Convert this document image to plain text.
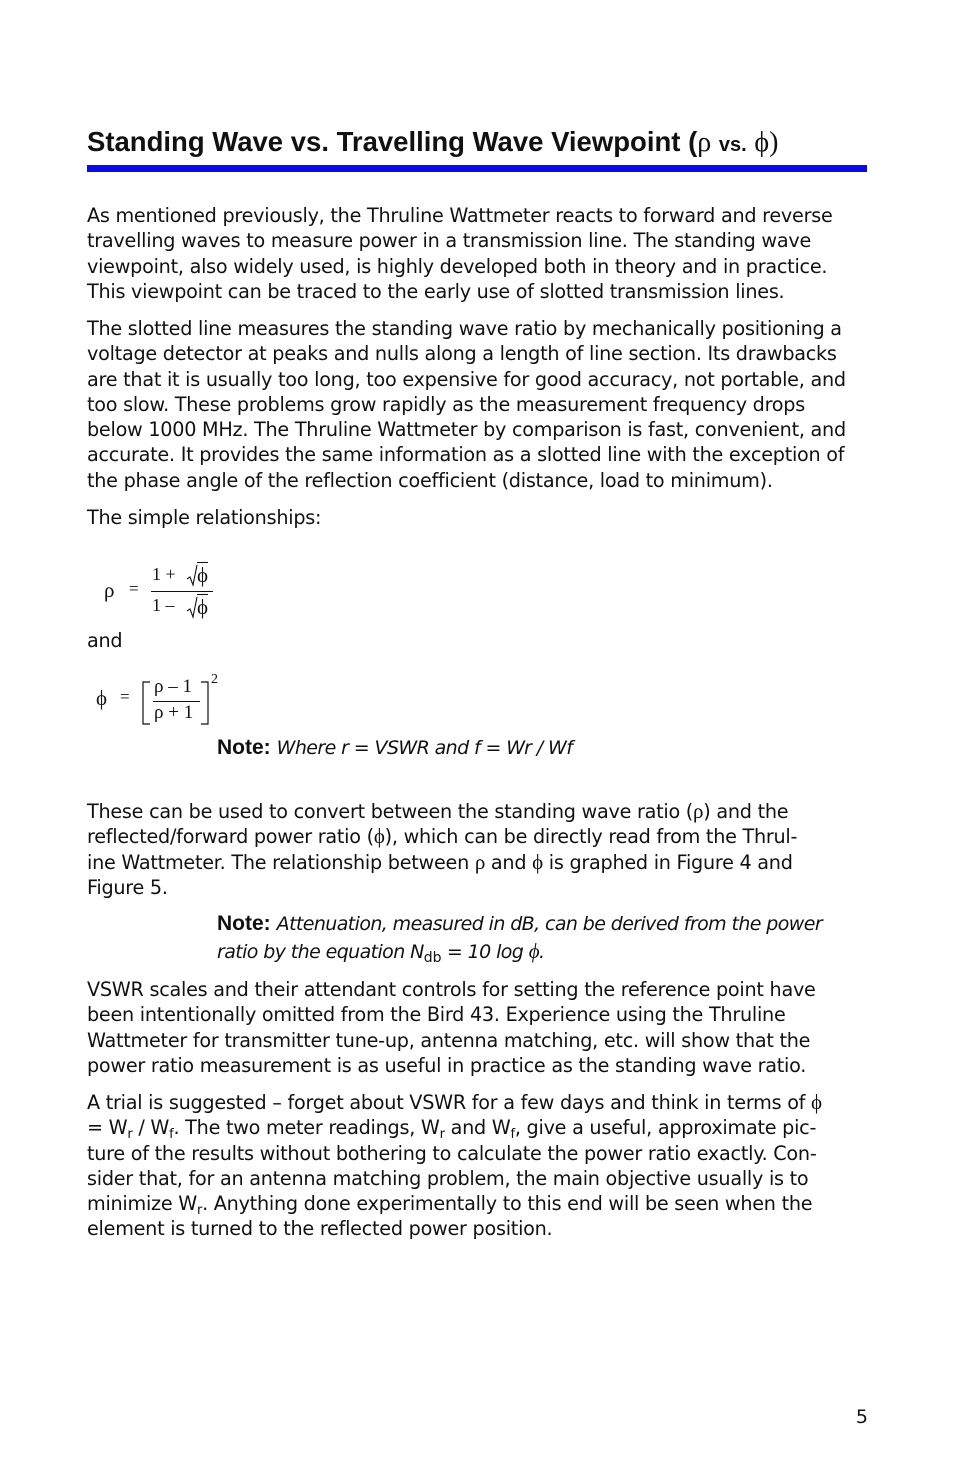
Standing Wave vs. Travelling Wave Viewpoint (ρ vs. ϕ)

As mentioned previously, the Thruline Wattmeter reacts to forward and reverse
travelling waves to measure power in a transmission line. The standing wave
viewpoint, also widely used, is highly developed both in theory and in practice.
This viewpoint can be traced to the early use of slotted transmission lines.

The slotted line measures the standing wave ratio by mechanically positioning a
voltage detector at peaks and nulls along a length of line section. Its drawbacks
are that it is usually too long, too expensive for good accuracy, not portable, and
too slow. These problems grow rapidly as the measurement frequency drops
below 1000 MHz. The Thruline Wattmeter by comparison is fast, convenient, and
accurate. It provides the same information as a slotted line with the exception of
the phase angle of the reflection coefficient (distance, load to minimum).

The simple relationships:

ρ =
1 + ϕ
1 – ϕ

and

ϕ = ρ – 1
ρ + 1
2

Note: Where r = VSWR and f = Wr / Wf

These can be used to convert between the standing wave ratio (ρ) and the
reflected/forward power ratio (ϕ), which can be directly read from the Thrul-
ine Wattmeter. The relationship between ρ and ϕ is graphed in Figure 4 and
Figure 5.

Note: Attenuation, measured in dB, can be derived from the power
ratio by the equation $N_{db} = 10$ log ϕ.

VSWR scales and their attendant controls for setting the reference point have
been intentionally omitted from the Bird 43. Experience using the Thruline
Wattmeter for transmitter tune-up, antenna matching, etc. will show that the
power ratio measurement is as useful in practice as the standing wave ratio.

A trial is suggested – forget about VSWR for a few days and think in terms of ϕ
= $W_r / W_f$. The two meter readings, $W_r$ and $W_f$, give a useful, approximate pic-
ture of the results without bothering to calculate the power ratio exactly. Con-
sider that, for an antenna matching problem, the main objective usually is to
minimize $W_r$. Anything done experimentally to this end will be seen when the
element is turned to the reflected power position.

5
